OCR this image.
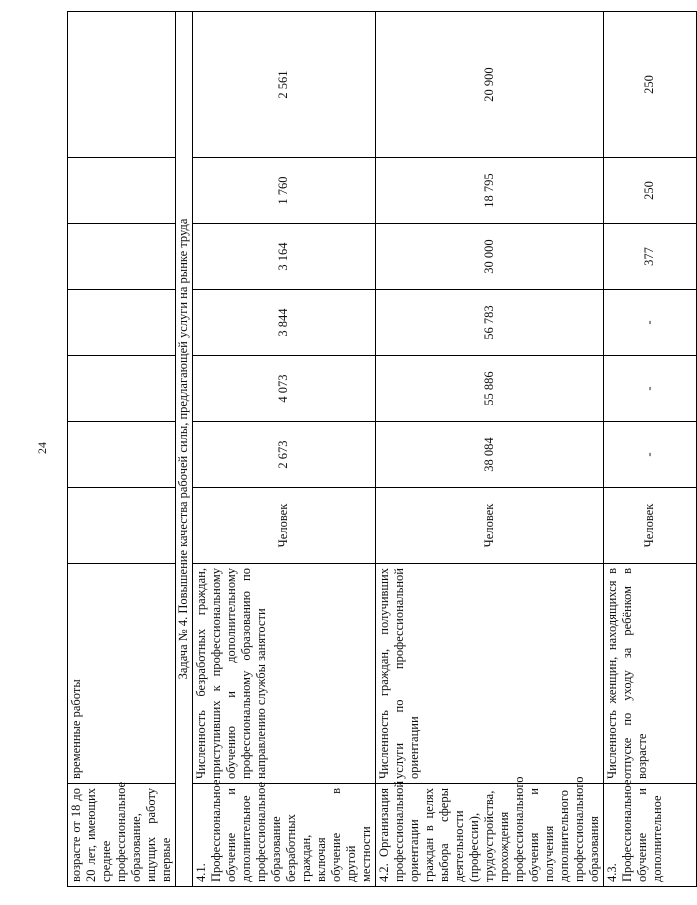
24
возрасте от 18 до 20 лет, имеющих среднее профессиональное образование, ищущих работу впервые	временные работы							
Задача № 4. Повышение качества рабочей силы, предлагающей услуги на рынке труда								
4.1. Профессиональное обучение и дополнительное профессиональное образование безработных граждан, включая обучение в другой местности	Численность безработных граждан, приступивших к профессиональному обучению и дополнительному профессиональному образованию по направлению службы занятости	Человек	2 673	4 073	3 844	3 164	1 760	2 561
4.2. Организация профессиональной ориентации граждан в целях выбора сферы деятельности (профессии), трудоустройства, прохождения профессионального обучения и получения дополнительного профессионального образования	Численность граждан, получивших услуги по профессиональной ориентации	Человек	38 084	55 886	56 783	30 000	18 795	20 900
4.3. Профессиональное обучение и дополнительное	Численность женщин, находящихся в отпуске по уходу за ребёнком в возрасте	Человек	-	-	-	377	250	250
